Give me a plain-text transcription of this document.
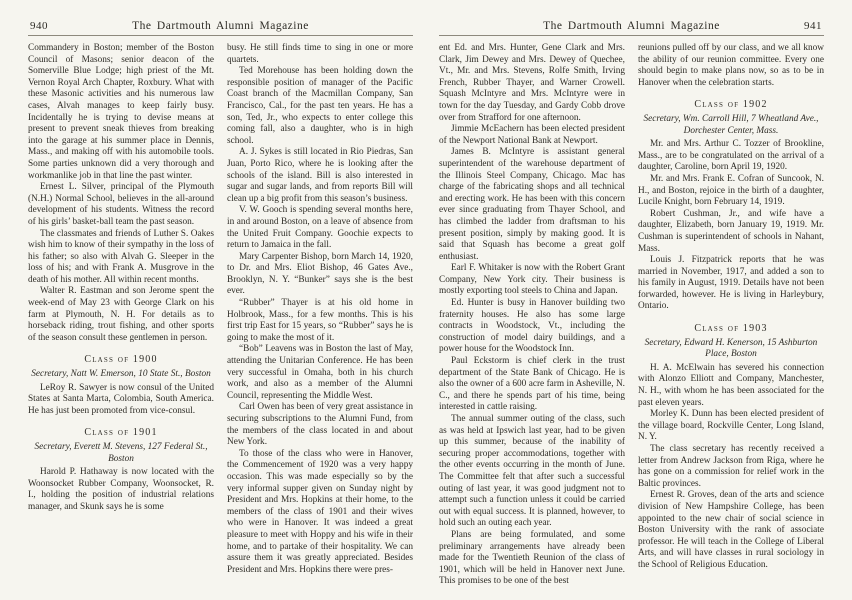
940	The Dartmouth Alumni Magazine

Commandery in Boston; member of the Boston Council of Masons; senior deacon of the Somerville Blue Lodge; high priest of the Mt. Vernon Royal Arch Chapter, Roxbury. What with these Masonic activities and his numerous law cases, Alvah manages to keep fairly busy. Incidentally he is trying to devise means at present to prevent sneak thieves from breaking into the garage at his summer place in Dennis, Mass., and making off with his automobile tools. Some parties unknown did a very thorough and workmanlike job in that line the past winter.

Ernest L. Silver, principal of the Plymouth (N.H.) Normal School, believes in the all-around development of his students. Witness the record of his girls’ basket-ball team the past season.

The classmates and friends of Luther S. Oakes wish him to know of their sympathy in the loss of his father; so also with Alvah G. Sleeper in the loss of his; and with Frank A. Musgrove in the death of his mother. All within recent months.

Walter R. Eastman and son Jerome spent the week-end of May 23 with George Clark on his farm at Plymouth, N. H. For details as to horseback riding, trout fishing, and other sports of the season consult these gentlemen in person.

Class of 1900

Secretary, Natt W. Emerson, 10 State St., Boston

LeRoy R. Sawyer is now consul of the United States at Santa Marta, Colombia, South America. He has just been promoted from vice-consul.

Class of 1901

Secretary, Everett M. Stevens, 127 Federal St., Boston

Harold P. Hathaway is now located with the Woonsocket Rubber Company, Woonsocket, R. I., holding the position of industrial relations manager, and Skunk says he is some

busy. He still finds time to sing in one or more quartets.

Ted Morehouse has been holding down the responsible position of manager of the Pacific Coast branch of the Macmillan Company, San Francisco, Cal., for the past ten years. He has a son, Ted, Jr., who expects to enter college this coming fall, also a daughter, who is in high school.

A. J. Sykes is still located in Rio Piedras, San Juan, Porto Rico, where he is looking after the schools of the island. Bill is also interested in sugar and sugar lands, and from reports Bill will clean up a big profit from this season’s business.

V. W. Gooch is spending several months here, in and around Boston, on a leave of absence from the United Fruit Company. Goochie expects to return to Jamaica in the fall.

Mary Carpenter Bishop, born March 14, 1920, to Dr. and Mrs. Eliot Bishop, 46 Gates Ave., Brooklyn, N. Y. “Bunker” says she is the best ever.

“Rubber” Thayer is at his old home in Holbrook, Mass., for a few months. This is his first trip East for 15 years, so “Rubber” says he is going to make the most of it.

“Bob” Leavens was in Boston the last of May, attending the Unitarian Conference. He has been very successful in Omaha, both in his church work, and also as a member of the Alumni Council, representing the Middle West.

Carl Owen has been of very great assistance in securing subscriptions to the Alumni Fund, from the members of the class located in and about New York.

To those of the class who were in Hanover, the Commencement of 1920 was a very happy occasion. This was made especially so by the very informal supper given on Sunday night by President and Mrs. Hopkins at their home, to the members of the class of 1901 and their wives who were in Hanover. It was indeed a great pleasure to meet with Hoppy and his wife in their home, and to partake of their hospitality. We can assure them it was greatly appreciated. Besides President and Mrs. Hopkins there were pres-

The Dartmouth Alumni Magazine	941

ent Ed. and Mrs. Hunter, Gene Clark and Mrs. Clark, Jim Dewey and Mrs. Dewey of Quechee, Vt., Mr. and Mrs. Stevens, Rolfe Smith, Irving French, Rubber Thayer, and Warner Crowell. Squash McIntyre and Mrs. McIntyre were in town for the day Tuesday, and Gardy Cobb drove over from Strafford for one afternoon.

Jimmie McEachern has been elected president of the Newport National Bank at Newport.

James B. McIntyre is assistant general superintendent of the warehouse department of the Illinois Steel Company, Chicago. Mac has charge of the fabricating shops and all technical and erecting work. He has been with this concern ever since graduating from Thayer School, and has climbed the ladder from draftsman to his present position, simply by making good. It is said that Squash has become a great golf enthusiast.

Earl F. Whitaker is now with the Robert Grant Company, New York city. Their business is mostly exporting tool steels to China and Japan.

Ed. Hunter is busy in Hanover building two fraternity houses. He also has some large contracts in Woodstock, Vt., including the construction of model dairy buildings, and a power house for the Woodstock Inn.

Paul Eckstorm is chief clerk in the trust department of the State Bank of Chicago. He is also the owner of a 600 acre farm in Asheville, N. C., and there he spends part of his time, being interested in cattle raising.

The annual summer outing of the class, such as was held at Ipswich last year, had to be given up this summer, because of the inability of securing proper accommodations, together with the other events occurring in the month of June. The Committee felt that after such a successful outing of last year, it was good judgment not to attempt such a function unless it could be carried out with equal success. It is planned, however, to hold such an outing each year.

Plans are being formulated, and some preliminary arrangements have already been made for the Twentieth Reunion of the class of 1901, which will be held in Hanover next June. This promises to be one of the best

reunions pulled off by our class, and we all know the ability of our reunion committee. Every one should begin to make plans now, so as to be in Hanover when the celebration starts.

Class of 1902

Secretary, Wm. Carroll Hill, 7 Wheatland Ave., Dorchester Center, Mass.

Mr. and Mrs. Arthur C. Tozzer of Brookline, Mass., are to be congratulated on the arrival of a daughter, Caroline, born April 19, 1920.

Mr. and Mrs. Frank E. Cofran of Suncook, N. H., and Boston, rejoice in the birth of a daughter, Lucile Knight, born February 14, 1919.

Robert Cushman, Jr., and wife have a daughter, Elizabeth, born January 19, 1919. Mr. Cushman is superintendent of schools in Nahant, Mass.

Louis J. Fitzpatrick reports that he was married in November, 1917, and added a son to his family in August, 1919. Details have not been forwarded, however. He is living in Harleybury, Ontario.

Class of 1903

Secretary, Edward H. Kenerson, 15 Ashburton Place, Boston

H. A. McElwain has severed his connection with Alonzo Elliott and Company, Manchester, N. H., with whom he has been associated for the past eleven years.

Morley K. Dunn has been elected president of the village board, Rockville Center, Long Island, N. Y.

The class secretary has recently received a letter from Andrew Jackson from Riga, where he has gone on a commission for relief work in the Baltic provinces.

Ernest R. Groves, dean of the arts and science division of New Hampshire College, has been appointed to the new chair of social science in Boston University with the rank of associate professor. He will teach in the College of Liberal Arts, and will have classes in rural sociology in the School of Religious Education.
